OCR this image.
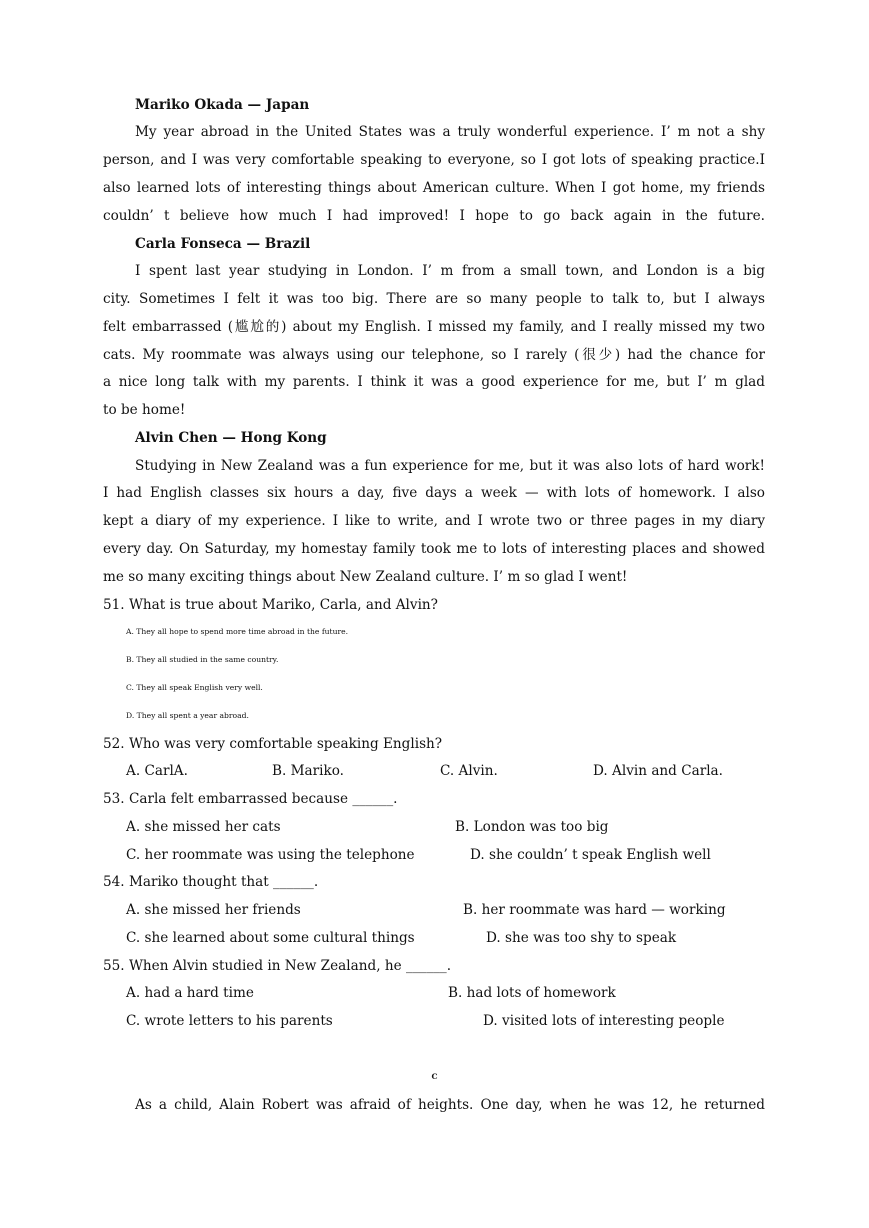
Mariko Okada — Japan
My year abroad in the United States was a truly wonderful experience. I’ m not a shy
person, and I was very comfortable speaking to everyone, so I got lots of speaking practice.I
also learned lots of interesting things about American culture. When I got home, my friends
couldn’ t believe how much I had improved! I hope to go back again in the future.
Carla Fonseca — Brazil
I spent last year studying in London. I’ m from a small town, and London is a big
city. Sometimes I felt it was too big. There are so many people to talk to, but I always
felt embarrassed (尴尬的) about my English. I missed my family, and I really missed my two
cats. My roommate was always using our telephone, so I rarely (很少) had the chance for
a nice long talk with my parents. I think it was a good experience for me, but I’ m glad
to be home!
Alvin Chen — Hong Kong
Studying in New Zealand was a fun experience for me, but it was also lots of hard work!
I had English classes six hours a day, five days a week — with lots of homework. I also
kept a diary of my experience. I like to write, and I wrote two or three pages in my diary
every day. On Saturday, my homestay family took me to lots of interesting places and showed
me so many exciting things about New Zealand culture. I’ m so glad I went!
51. What is true about Mariko, Carla, and Alvin?
A. They all hope to spend more time abroad in the future.
B. They all studied in the same country.
C. They all speak English very well.
D. They all spent a year abroad.
52. Who was very comfortable speaking English?
A. CarlA.	B. Mariko.	C. Alvin.	D. Alvin and Carla.
53. Carla felt embarrassed because ______.
A. she missed her cats	B. London was too big
C. her roommate was using the telephone	D. she couldn’ t speak English well
54. Mariko thought that ______.
A. she missed her friends	B. her roommate was hard — working
C. she learned about some cultural things	D. she was too shy to speak
55. When Alvin studied in New Zealand, he ______.
A. had a hard time	B. had lots of homework
C. wrote letters to his parents	D. visited lots of interesting people
C
As a child, Alain Robert was afraid of heights. One day, when he was 12, he returned
